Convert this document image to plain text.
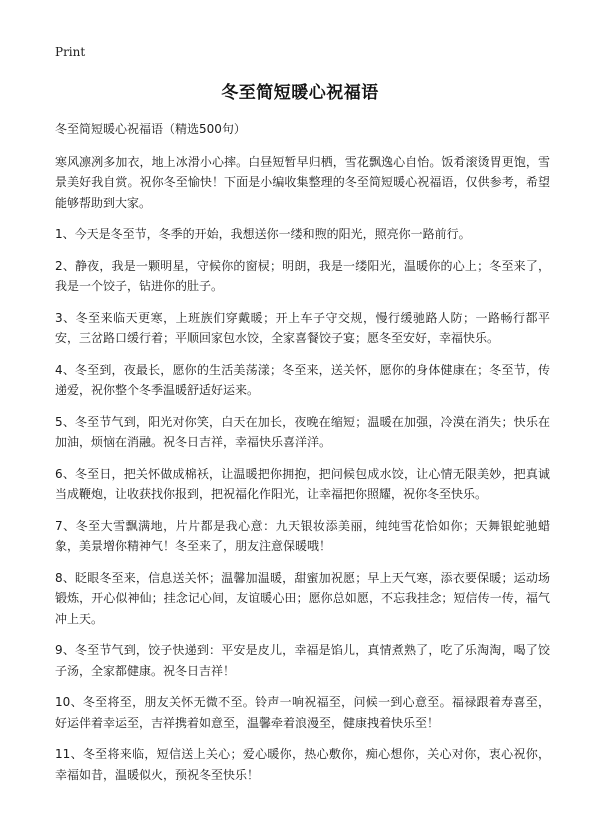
Print
冬至简短暖心祝福语

冬至简短暖心祝福语（精选500句）

寒风凛冽多加衣，地上冰滑小心摔。白昼短暂早归栖，雪花飘逸心自怡。饭肴滚烫胃更饱，雪景美好我自赏。祝你冬至愉快！下面是小编收集整理的冬至简短暖心祝福语，仅供参考，希望能够帮助到大家。

1、今天是冬至节，冬季的开始，我想送你一缕和煦的阳光，照亮你一路前行。

2、静夜，我是一颗明星，守候你的窗棂；明朗，我是一缕阳光，温暖你的心上；冬至来了，我是一个饺子，钻进你的肚子。

3、冬至来临天更寒，上班族们穿戴暖；开上车子守交规，慢行缓驰路人防；一路畅行都平安，三岔路口缓行着；平顺回家包水饺，全家喜餐饺子宴；愿冬至安好，幸福快乐。

4、冬至到，夜最长，愿你的生活美荡漾；冬至来，送关怀，愿你的身体健康在；冬至节，传递爱，祝你整个冬季温暖舒适好运来。

5、冬至节气到，阳光对你笑，白天在加长，夜晚在缩短；温暖在加强，冷漠在消失；快乐在加油，烦恼在消融。祝冬日吉祥，幸福快乐喜洋洋。

6、冬至日，把关怀做成棉袄，让温暖把你拥抱，把问候包成水饺，让心情无限美妙，把真诚当成鞭炮，让收获找你报到，把祝福化作阳光，让幸福把你照耀，祝你冬至快乐。

7、冬至大雪飘满地，片片都是我心意：九天银妆添美丽，纯纯雪花恰如你；天舞银蛇驰蜡象，美景增你精神气！冬至来了，朋友注意保暖哦！

8、眨眼冬至来，信息送关怀；温馨加温暖，甜蜜加祝愿；早上天气寒，添衣要保暖；运动场锻炼，开心似神仙；挂念记心间，友谊暖心田；愿你总如愿，不忘我挂念；短信传一传，福气冲上天。

9、冬至节气到，饺子快递到：平安是皮儿，幸福是馅儿，真情煮熟了，吃了乐淘淘，喝了饺子汤，全家都健康。祝冬日吉祥！

10、冬至将至，朋友关怀无微不至。铃声一响祝福至，问候一到心意至。福禄跟着寿喜至，好运伴着幸运至，吉祥携着如意至，温馨牵着浪漫至，健康拽着快乐至！

11、冬至将来临，短信送上关心；爱心暖你，热心敷你，痴心想你，关心对你，衷心祝你，幸福如昔，温暖似火，预祝冬至快乐！
